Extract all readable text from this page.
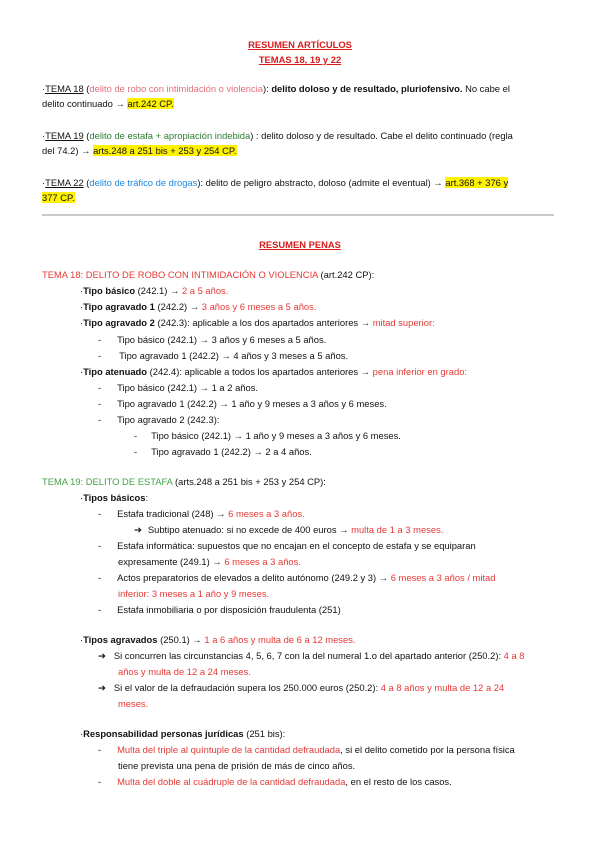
RESUMEN ARTÍCULOS
TEMAS 18, 19 y 22
·TEMA 18 (delito de robo con intimidación o violencia): delito doloso y de resultado, pluriofensivo. No cabe el
delito continuado → art.242 CP.
·TEMA 19 (delito de estafa + apropiación indebida) : delito doloso y de resultado. Cabe el delito continuado (regla
del 74.2) → arts.248 a 251 bis + 253 y 254 CP.
·TEMA 22 (delito de tráfico de drogas): delito de peligro abstracto, doloso (admite el eventual) → art.368 + 376 y
377 CP.
RESUMEN PENAS
TEMA 18: DELITO DE ROBO CON INTIMIDACIÓN O VIOLENCIA (art.242 CP):
·Tipo básico (242.1) → 2 a 5 años.
·Tipo agravado 1 (242.2) → 3 años y 6 meses a 5 años.
·Tipo agravado 2 (242.3): aplicable a los dos apartados anteriores → mitad superior:
- Tipo básico (242.1) → 3 años y 6 meses a 5 años.
- Tipo agravado 1 (242.2) → 4 años y 3 meses a 5 años.
·Tipo atenuado (242.4): aplicable a todos los apartados anteriores → pena inferior en grado:
- Tipo básico (242.1) → 1 a 2 años.
- Tipo agravado 1 (242.2) → 1 año y 9 meses a 3 años y 6 meses.
- Tipo agravado 2 (242.3):
- Tipo básico (242.1) → 1 año y 9 meses a 3 años y 6 meses.
- Tipo agravado 1 (242.2) → 2 a 4 años.
TEMA 19: DELITO DE ESTAFA (arts.248 a 251 bis + 253 y 254 CP):
·Tipos básicos:
- Estafa tradicional (248) → 6 meses a 3 años.
➔ Subtipo atenuado: si no excede de 400 euros → multa de 1 a 3 meses.
- Estafa informática: supuestos que no encajan en el concepto de estafa y se equiparan
expresamente (249.1) → 6 meses a 3 años.
- Actos preparatorios de elevados a delito autónomo (249.2 y 3) → 6 meses a 3 años / mitad
inferior: 3 meses a 1 año y 9 meses.
- Estafa inmobiliaria o por disposición fraudulenta (251)
·Tipos agravados (250.1) → 1 a 6 años y multa de 6 a 12 meses.
➔ Si concurren las circunstancias 4, 5, 6, 7 con la del numeral 1.o del apartado anterior (250.2): 4 a 8
años y multa de 12 a 24 meses.
➔ Si el valor de la defraudación supera los 250.000 euros (250.2): 4 a 8 años y multa de 12 a 24
meses.
·Responsabilidad personas jurídicas (251 bis):
- Multa del triple al quíntuple de la cantidad defraudada, si el delito cometido por la persona física
tiene prevista una pena de prisión de más de cinco años.
- Multa del doble al cuádruple de la cantidad defraudada, en el resto de los casos.
